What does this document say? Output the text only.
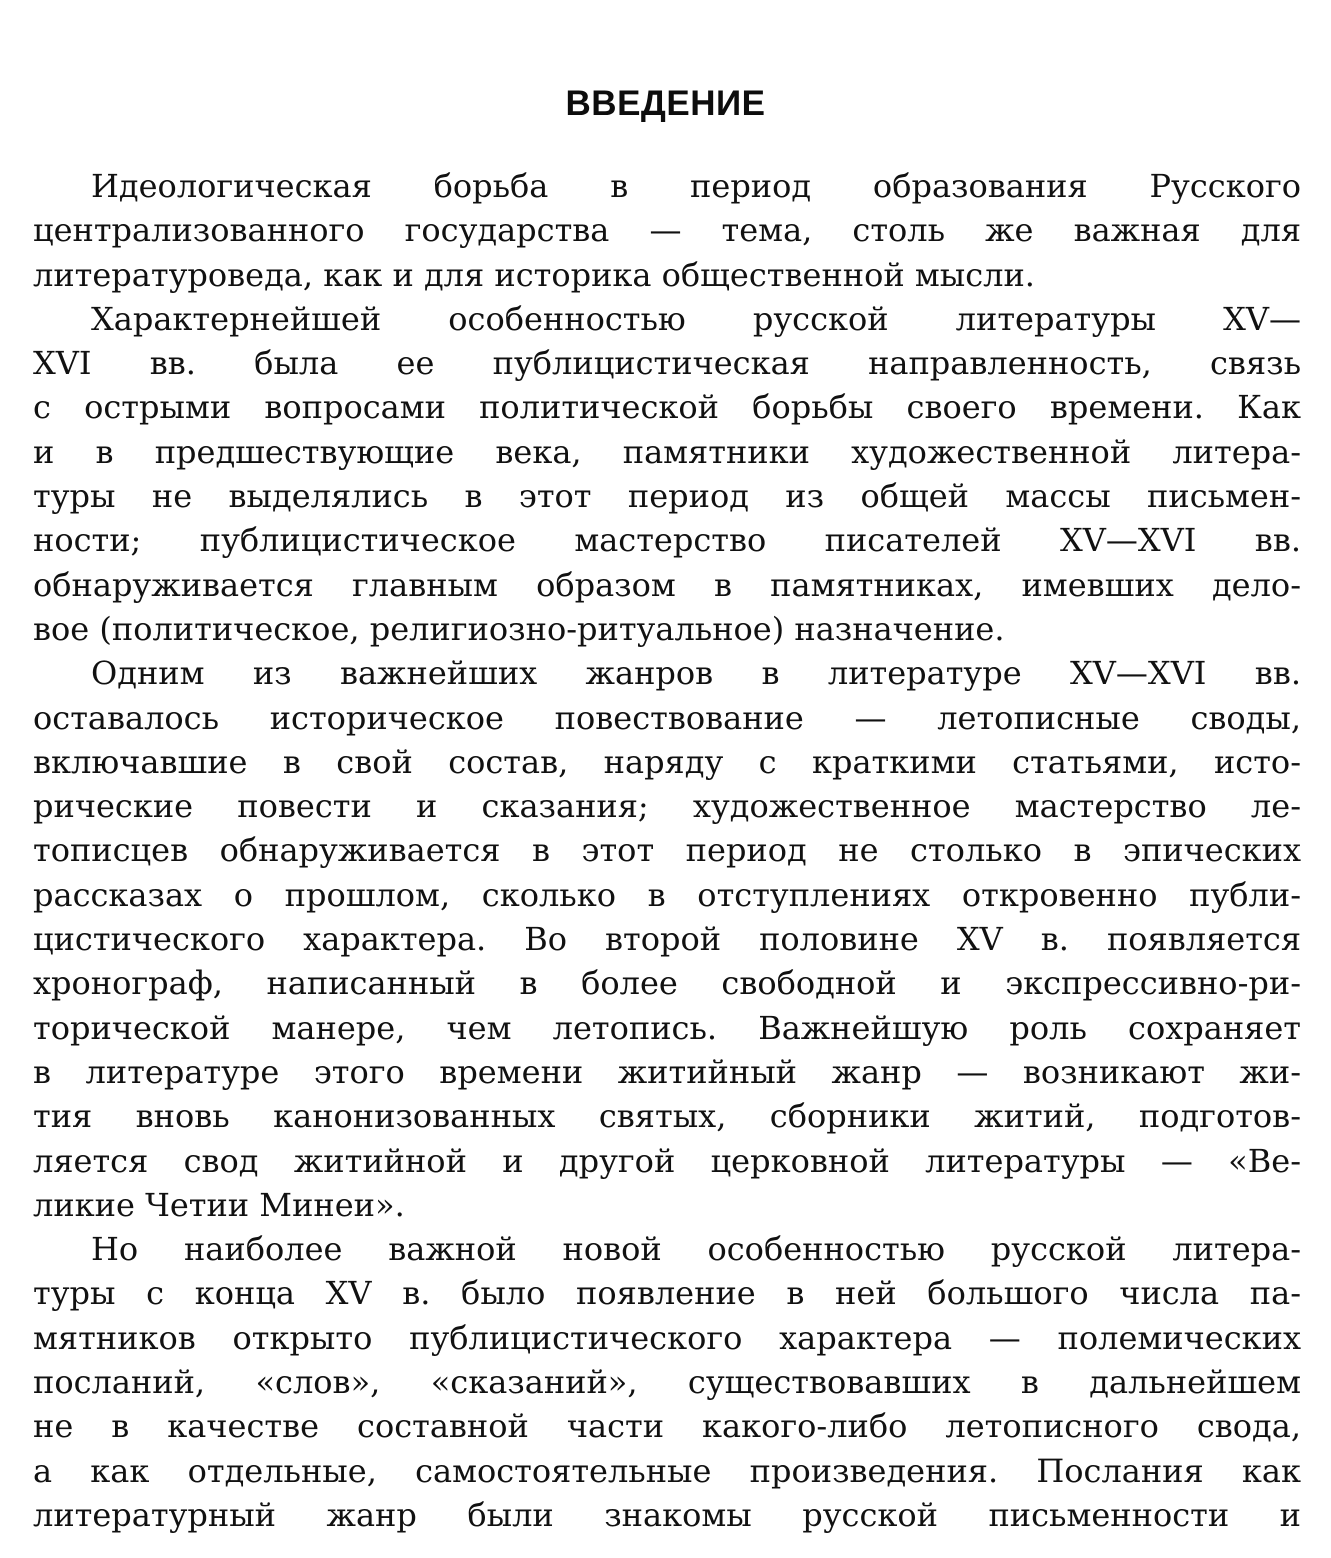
ВВЕДЕНИЕ
Идеологическая борьба в период образования Русского
централизованного государства — тема, столь же важная для
литературоведа, как и для историка общественной мысли.
Характернейшей особенностью русской литературы XV—
XVI вв. была ее публицистическая направленность, связь
с острыми вопросами политической борьбы своего времени. Как
и в предшествующие века, памятники художественной литера-
туры не выделялись в этот период из общей массы письмен-
ности; публицистическое мастерство писателей XV—XVI вв.
обнаруживается главным образом в памятниках, имевших дело-
вое (политическое, религиозно-ритуальное) назначение.
Одним из важнейших жанров в литературе XV—XVI вв.
оставалось историческое повествование — летописные своды,
включавшие в свой состав, наряду с краткими статьями, исто-
рические повести и сказания; художественное мастерство ле-
тописцев обнаруживается в этот период не столько в эпических
рассказах о прошлом, сколько в отступлениях откровенно публи-
цистического характера. Во второй половине XV в. появляется
хронограф, написанный в более свободной и экспрессивно-ри-
торической манере, чем летопись. Важнейшую роль сохраняет
в литературе этого времени житийный жанр — возникают жи-
тия вновь канонизованных святых, сборники житий, подготов-
ляется свод житийной и другой церковной литературы — «Ве-
ликие Четии Минеи».
Но наиболее важной новой особенностью русской литера-
туры с конца XV в. было появление в ней большого числа па-
мятников открыто публицистического характера — полемических
посланий, «слов», «сказаний», существовавших в дальнейшем
не в качестве составной части какого-либо летописного свода,
а как отдельные, самостоятельные произведения. Послания как
литературный жанр были знакомы русской письменности и
